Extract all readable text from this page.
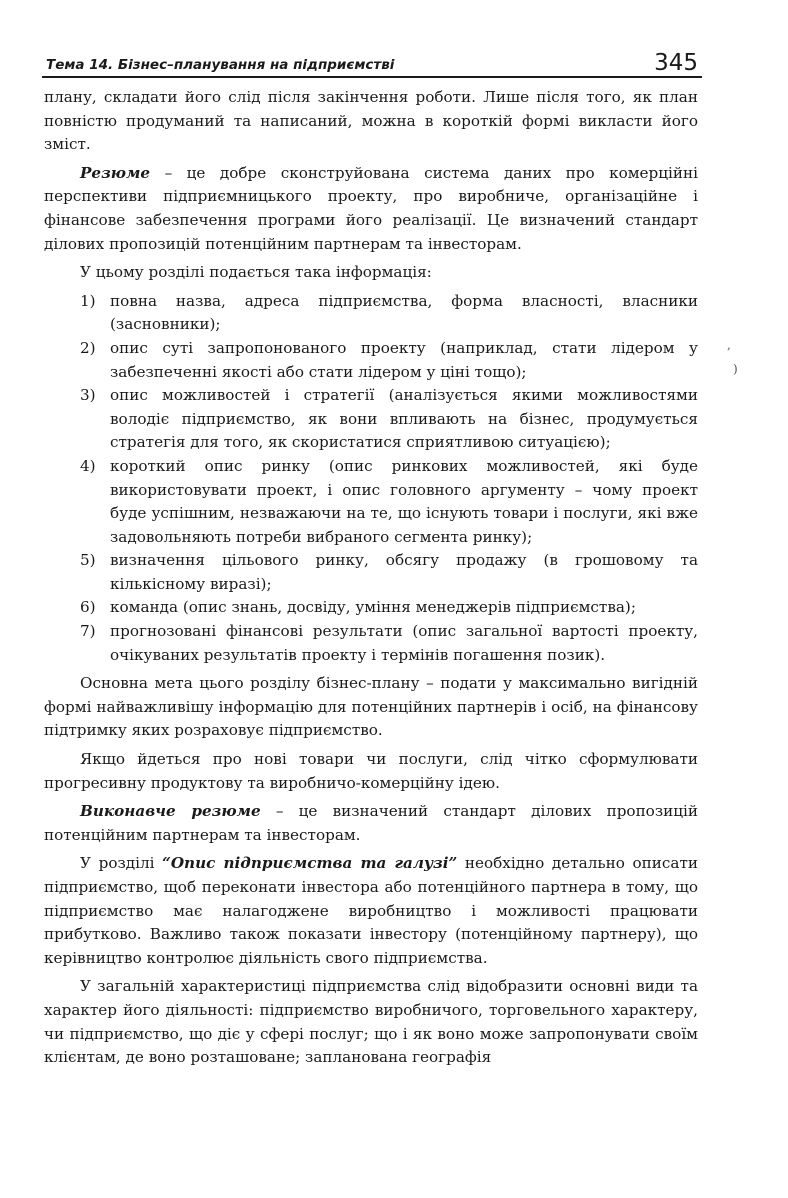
Тема 14. Бізнес–планування на підприємстві	345

плану, складати його слід після закінчення роботи. Лише після того, як план повністю продуманий та написаний, можна в короткій формі викласти його зміст.

Резюме – це добре сконструйована система даних про комерційні перспективи підприємницького проекту, про виробниче, організаційне і фінансове забезпечення програми його реалізації. Це визначений стандарт ділових пропозицій потенційним партнерам та інвесторам.

У цьому розділі подається така інформація:

1) повна назва, адреса підприємства, форма власності, власники (засновники);
2) опис суті запропонованого проекту (наприклад, стати лідером у забезпеченні якості або стати лідером у ціні тощо);
3) опис можливостей і стратегії (аналізується якими можливостями володіє підприємство, як вони впливають на бізнес, продумується стратегія для того, як скористатися сприятливою ситуацією);
4) короткий опис ринку (опис ринкових можливостей, які буде використовувати проект, і опис головного аргументу – чому проект буде успішним, незважаючи на те, що існують товари і послуги, які вже задовольняють потреби вибраного сегмента ринку);
5) визначення цільового ринку, обсягу продажу (в грошовому та кількісному виразі);
6) команда (опис знань, досвіду, уміння менеджерів підприємства);
7) прогнозовані фінансові результати (опис загальної вартості проекту, очікуваних результатів проекту і термінів погашення позик).

Основна мета цього розділу бізнес-плану – подати у максимально вигідній формі найважливішу інформацію для потенційних партнерів і осіб, на фінансову підтримку яких розраховує підприємство.

Якщо йдеться про нові товари чи послуги, слід чітко сформулювати прогресивну продуктову та виробничо-комерційну ідею.

Виконавче резюме – це визначений стандарт ділових пропозицій потенційним партнерам та інвесторам.

У розділі “Опис підприємства та галузі” необхідно детально описати підприємство, щоб переконати інвестора або потенційного партнера в тому, що підприємство має налагоджене виробництво і можливості працювати прибутково. Важливо також показати інвестору (потенційному партнеру), що керівництво контролює діяльність свого підприємства.

У загальній характеристиці підприємства слід відобразити основні види та характер його діяльності: підприємство виробничого, торговельного характеру, чи підприємство, що діє у сфері послуг; що і як воно може запропонувати своїм клієнтам, де воно розташоване; запланована географія

,
)
